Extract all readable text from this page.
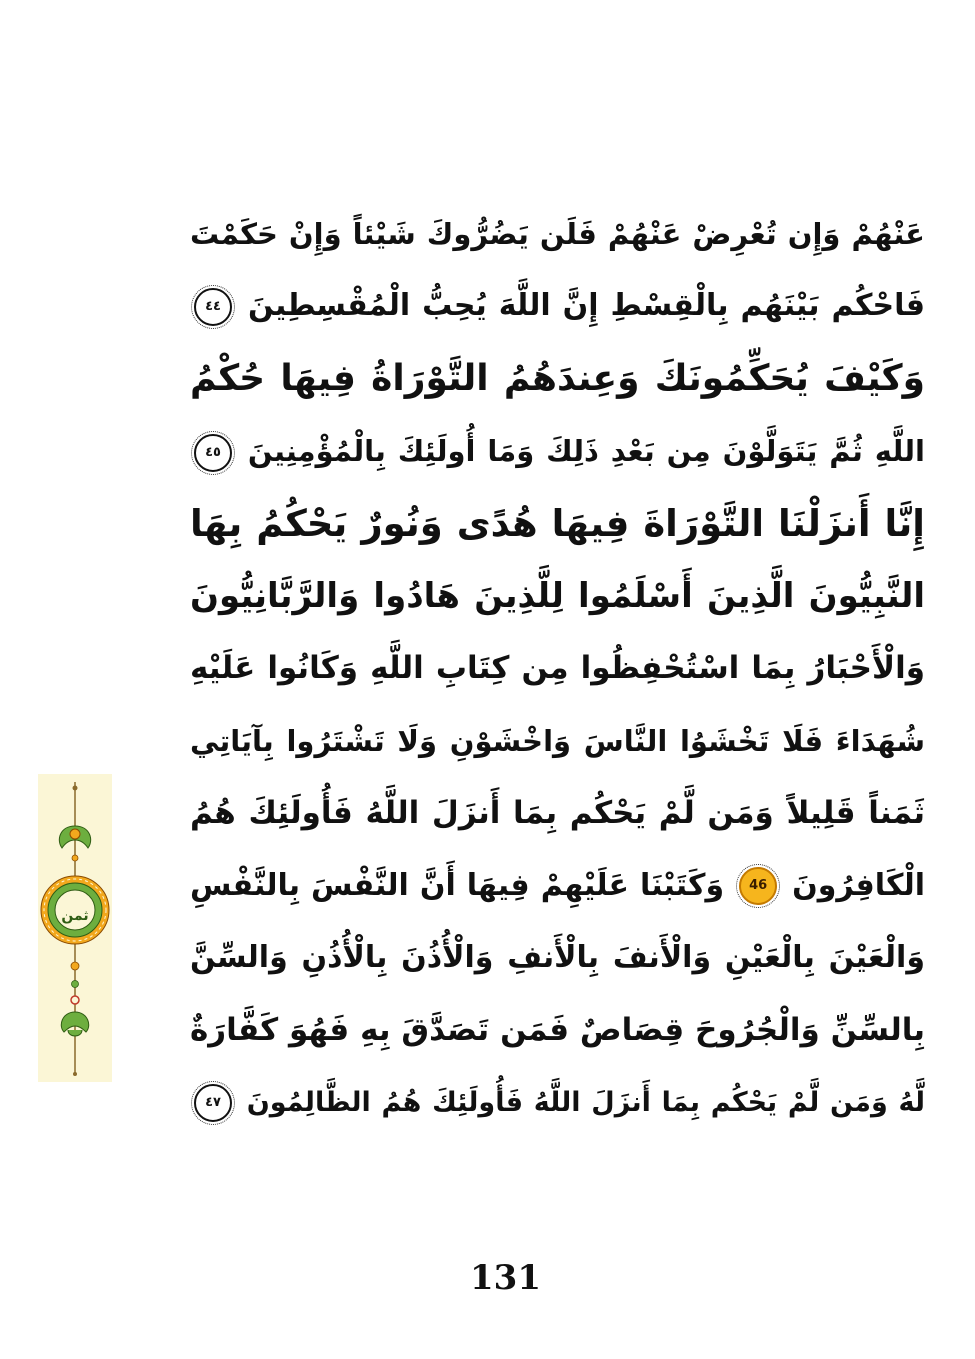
ثمن
عَنْهُمْ وَإِن تُعْرِضْ عَنْهُمْ فَلَن يَضُرُّوكَ شَيْئاً وَإِنْ حَكَمْتَ
فَاحْكُم بَيْنَهُم بِالْقِسْطِ إِنَّ اللَّهَ يُحِبُّ الْمُقْسِطِينَ ٤٤
وَكَيْفَ يُحَكِّمُونَكَ وَعِندَهُمُ التَّوْرَاةُ فِيهَا حُكْمُ
اللَّهِ ثُمَّ يَتَوَلَّوْنَ مِن بَعْدِ ذَلِكَ وَمَا أُولَئِكَ بِالْمُؤْمِنِينَ ٤٥
إِنَّا أَنزَلْنَا التَّوْرَاةَ فِيهَا هُدًى وَنُورٌ يَحْكُمُ بِهَا
النَّبِيُّونَ الَّذِينَ أَسْلَمُوا لِلَّذِينَ هَادُوا وَالرَّبَّانِيُّونَ
وَالْأَحْبَارُ بِمَا اسْتُحْفِظُوا مِن كِتَابِ اللَّهِ وَكَانُوا عَلَيْهِ
شُهَدَاءَ فَلَا تَخْشَوُا النَّاسَ وَاخْشَوْنِ وَلَا تَشْتَرُوا بِآيَاتِي
ثَمَناً قَلِيلاً وَمَن لَّمْ يَحْكُم بِمَا أَنزَلَ اللَّهُ فَأُولَئِكَ هُمُ
الْكَافِرُونَ 46 وَكَتَبْنَا عَلَيْهِمْ فِيهَا أَنَّ النَّفْسَ بِالنَّفْسِ
وَالْعَيْنَ بِالْعَيْنِ وَالْأَنفَ بِالْأَنفِ وَالْأُذُنَ بِالْأُذُنِ وَالسِّنَّ
بِالسِّنِّ وَالْجُرُوحَ قِصَاصٌ فَمَن تَصَدَّقَ بِهِ فَهُوَ كَفَّارَةٌ
لَّهُ وَمَن لَّمْ يَحْكُم بِمَا أَنزَلَ اللَّهُ فَأُولَئِكَ هُمُ الظَّالِمُونَ ٤٧
131
